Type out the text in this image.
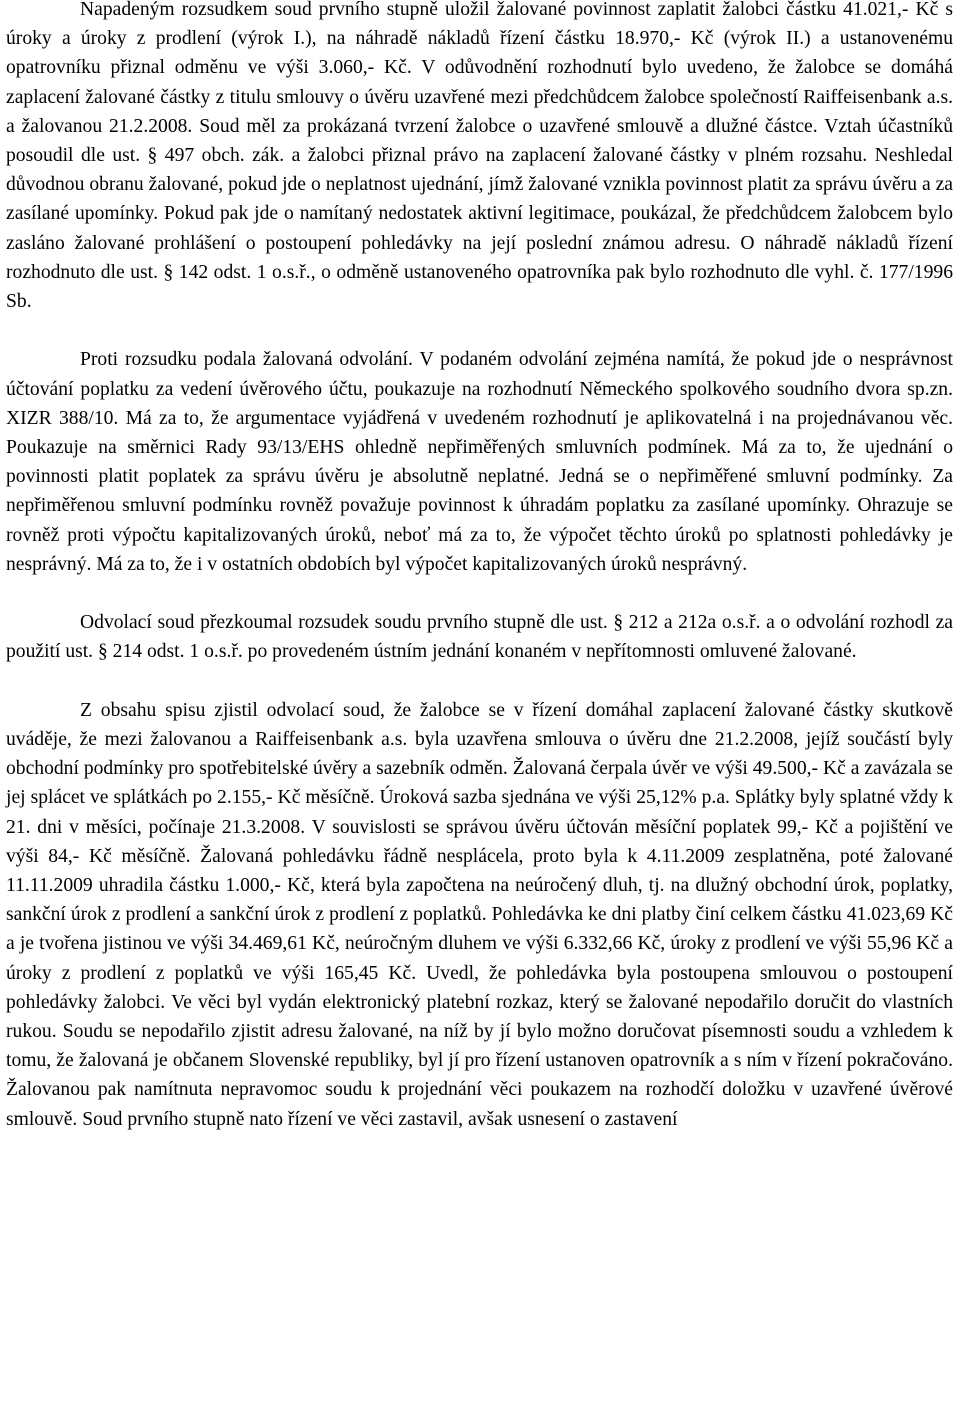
Napadeným rozsudkem soud prvního stupně uložil žalované povinnost zaplatit žalobci částku 41.021,- Kč s úroky a úroky z prodlení (výrok I.), na náhradě nákladů řízení částku 18.970,- Kč (výrok II.) a ustanovenému opatrovníku přiznal odměnu ve výši 3.060,- Kč. V odůvodnění rozhodnutí bylo uvedeno, že žalobce se domáhá zaplacení žalované částky z titulu smlouvy o úvěru uzavřené mezi předchůdcem žalobce společností Raiffeisenbank a.s. a žalovanou 21.2.2008. Soud měl za prokázaná tvrzení žalobce o uzavřené smlouvě a dlužné částce. Vztah účastníků posoudil dle ust. § 497 obch. zák. a žalobci přiznal právo na zaplacení žalované částky v plném rozsahu. Neshledal důvodnou obranu žalované, pokud jde o neplatnost ujednání, jímž žalované vznikla povinnost platit za správu úvěru a za zasílané upomínky. Pokud pak jde o namítaný nedostatek aktivní legitimace, poukázal, že předchůdcem žalobcem bylo zasláno žalované prohlášení o postoupení pohledávky na její poslední známou adresu. O náhradě nákladů řízení rozhodnuto dle ust. § 142 odst. 1 o.s.ř., o odměně ustanoveného opatrovníka pak bylo rozhodnuto dle vyhl. č. 177/1996 Sb.

Proti rozsudku podala žalovaná odvolání. V podaném odvolání zejména namítá, že pokud jde o nesprávnost účtování poplatku za vedení úvěrového účtu, poukazuje na rozhodnutí Německého spolkového soudního dvora sp.zn. XIZR 388/10. Má za to, že argumentace vyjádřená v uvedeném rozhodnutí je aplikovatelná i na projednávanou věc. Poukazuje na směrnici Rady 93/13/EHS ohledně nepřiměřených smluvních podmínek. Má za to, že ujednání o povinnosti platit poplatek za správu úvěru je absolutně neplatné. Jedná se o nepřiměřené smluvní podmínky. Za nepřiměřenou smluvní podmínku rovněž považuje povinnost k úhradám poplatku za zasílané upomínky. Ohrazuje se rovněž proti výpočtu kapitalizovaných úroků, neboť má za to, že výpočet těchto úroků po splatnosti pohledávky je nesprávný. Má za to, že i v ostatních obdobích byl výpočet kapitalizovaných úroků nesprávný.

Odvolací soud přezkoumal rozsudek soudu prvního stupně dle ust. § 212 a 212a o.s.ř. a o odvolání rozhodl za použití ust. § 214 odst. 1 o.s.ř. po provedeném ústním jednání konaném v nepřítomnosti omluvené žalované.

Z obsahu spisu zjistil odvolací soud, že žalobce se v řízení domáhal zaplacení žalované částky skutkově uváděje, že mezi žalovanou a Raiffeisenbank a.s. byla uzavřena smlouva o úvěru dne 21.2.2008, jejíž součástí byly obchodní podmínky pro spotřebitelské úvěry a sazebník odměn. Žalovaná čerpala úvěr ve výši 49.500,- Kč a zavázala se jej splácet ve splátkách po 2.155,- Kč měsíčně. Úroková sazba sjednána ve výši 25,12% p.a. Splátky byly splatné vždy k 21. dni v měsíci, počínaje 21.3.2008. V souvislosti se správou úvěru účtován měsíční poplatek 99,- Kč a pojištění ve výši 84,- Kč měsíčně. Žalovaná pohledávku řádně nesplácela, proto byla k 4.11.2009 zesplatněna, poté žalované 11.11.2009 uhradila částku 1.000,- Kč, která byla započtena na neúročený dluh, tj. na dlužný obchodní úrok, poplatky, sankční úrok z prodlení a sankční úrok z prodlení z poplatků. Pohledávka ke dni platby činí celkem částku 41.023,69 Kč a je tvořena jistinou ve výši 34.469,61 Kč, neúročným dluhem ve výši 6.332,66 Kč, úroky z prodlení ve výši 55,96 Kč a úroky z prodlení z poplatků ve výši 165,45 Kč. Uvedl, že pohledávka byla postoupena smlouvou o postoupení pohledávky žalobci. Ve věci byl vydán elektronický platební rozkaz, který se žalované nepodařilo doručit do vlastních rukou. Soudu se nepodařilo zjistit adresu žalované, na níž by jí bylo možno doručovat písemnosti soudu a vzhledem k tomu, že žalovaná je občanem Slovenské republiky, byl jí pro řízení ustanoven opatrovník a s ním v řízení pokračováno. Žalovanou pak namítnuta nepravomoc soudu k projednání věci poukazem na rozhodčí doložku v uzavřené úvěrové smlouvě. Soud prvního stupně nato řízení ve věci zastavil, avšak usnesení o zastavení
